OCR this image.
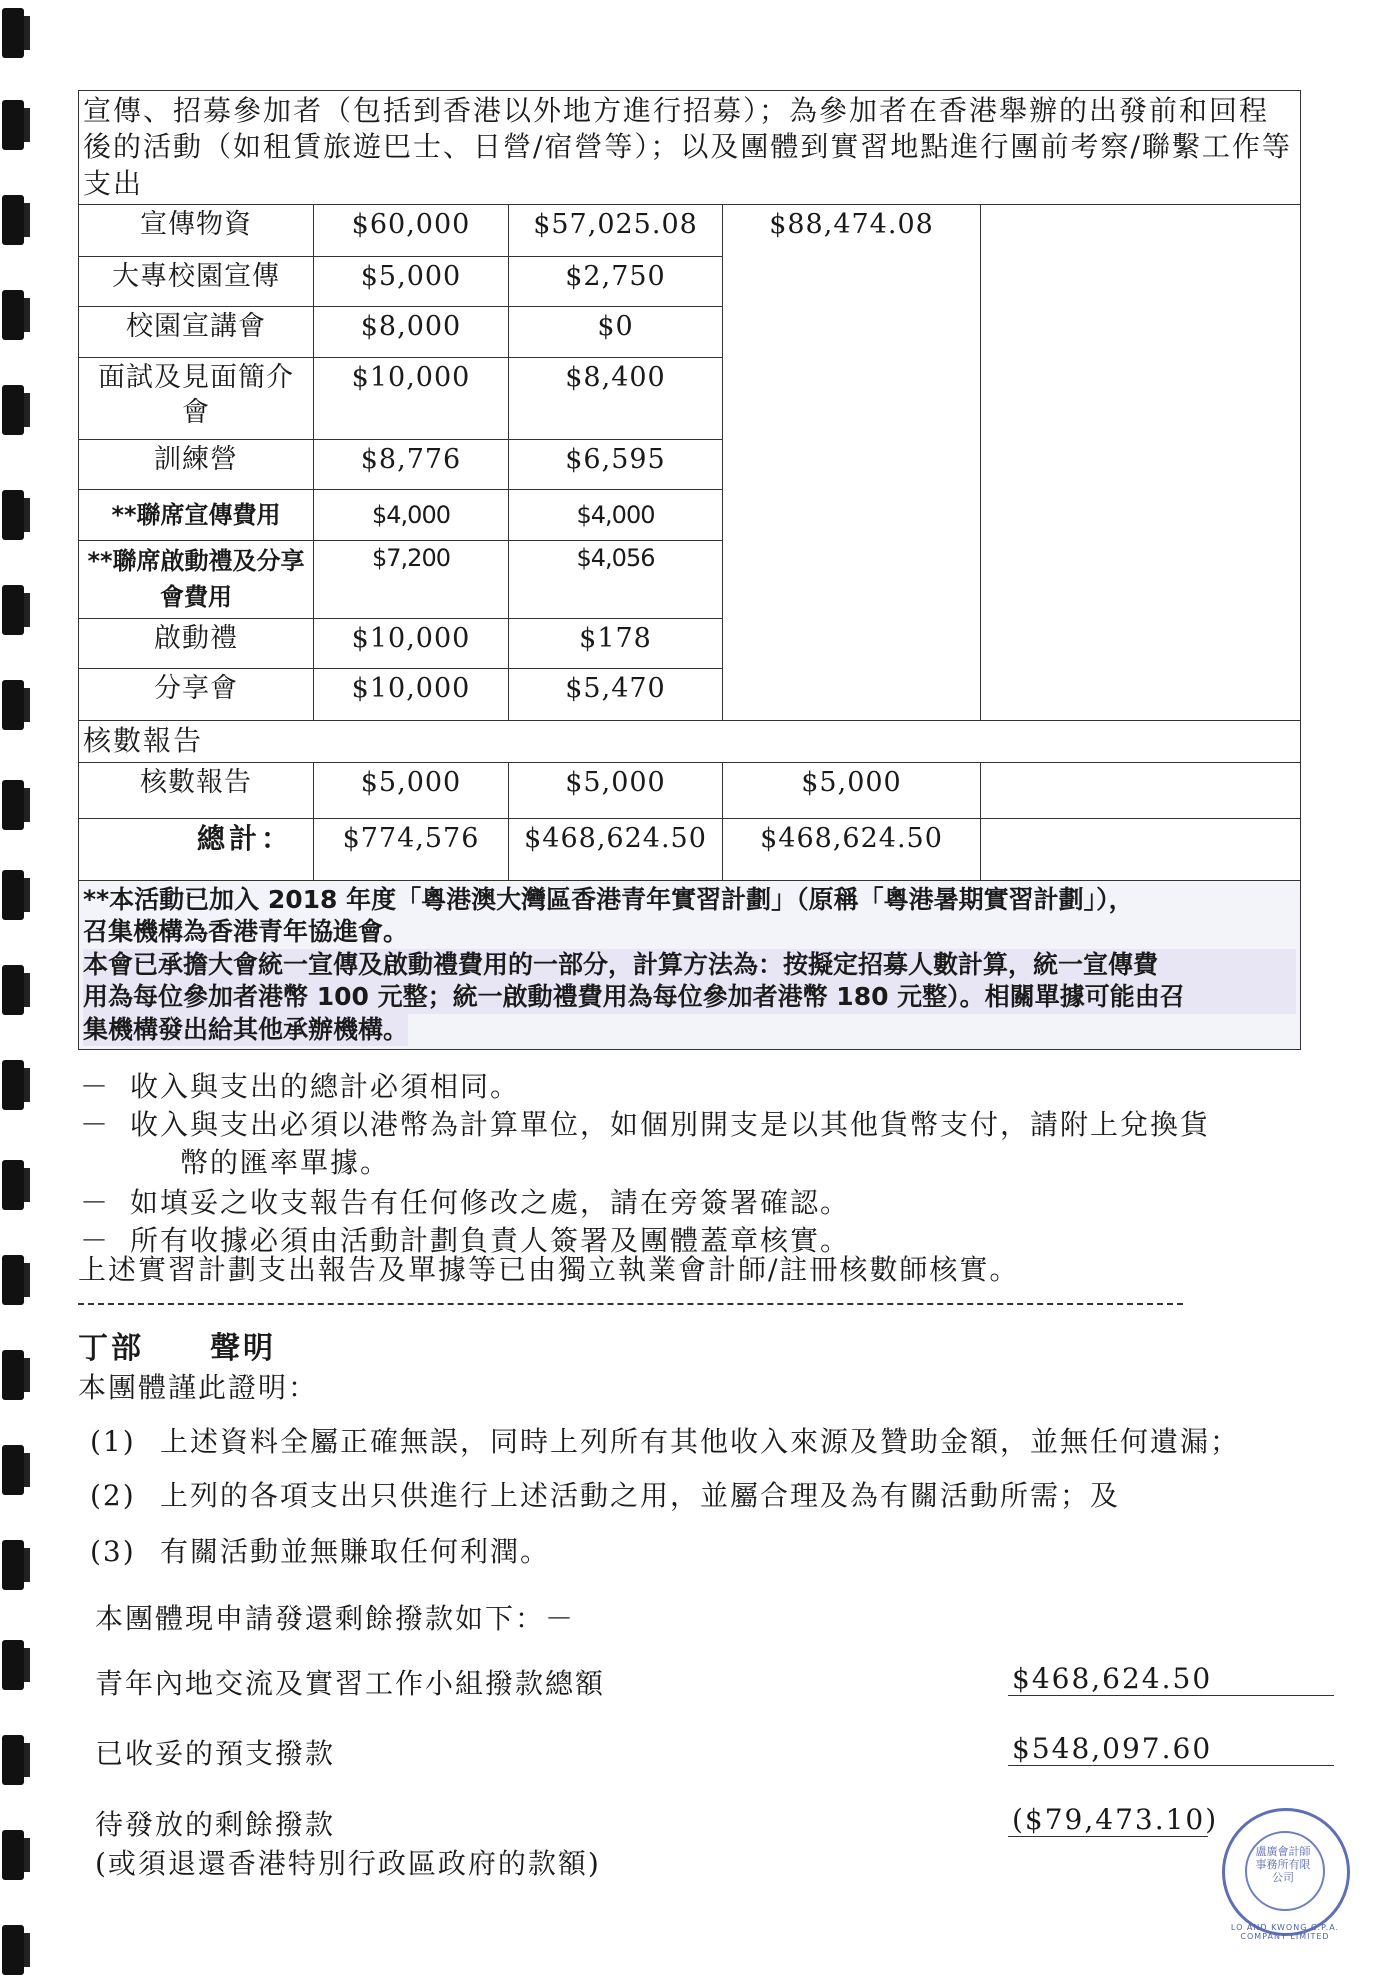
宣傳、招募參加者（包括到香港以外地方進行招募）；為參加者在香港舉辦的出發前和回程後的活動（如租賃旅遊巴士、日營/宿營等）；以及團體到實習地點進行團前考察/聯繫工作等支出				
宣傳物資	$60,000	$57,025.08	$88,474.08	
大專校園宣傳	$5,000	$2,750		
校園宣講會	$8,000	$0		
面試及見面簡介會	$10,000	$8,400		
訓練營	$8,776	$6,595		
**聯席宣傳費用	$4,000	$4,000		
**聯席啟動禮及分享會費用	$7,200	$4,056		
啟動禮	$10,000	$178		
分享會	$10,000	$5,470		
核數報告				
核數報告	$5,000	$5,000	$5,000	
總計：	$774,576	$468,624.50	$468,624.50	

**本活動已加入 2018 年度「粵港澳大灣區香港青年實習計劃」（原稱「粵港暑期實習計劃」），
召集機構為香港青年協進會。
本會已承擔大會統一宣傳及啟動禮費用的一部分，計算方法為：按擬定招募人數計算，統一宣傳費
用為每位參加者港幣 100 元整；統一啟動禮費用為每位參加者港幣 180 元整）。相關單據可能由召
集機構發出給其他承辦機構。				
－ 收入與支出的總計必須相同。
－ 收入與支出必須以港幣為計算單位，如個別開支是以其他貨幣支付，請附上兌換貨
幣的匯率單據。
－ 如填妥之收支報告有任何修改之處，請在旁簽署確認。
－ 所有收據必須由活動計劃負責人簽署及團體蓋章核實。
上述實習計劃支出報告及單據等已由獨立執業會計師/註冊核數師核實。
丁部　　聲明
本團體謹此證明：
(1) 上述資料全屬正確無誤，同時上列所有其他收入來源及贊助金額，並無任何遺漏；
(2) 上列的各項支出只供進行上述活動之用，並屬合理及為有關活動所需；及
(3) 有關活動並無賺取任何利潤。
本團體現申請發還剩餘撥款如下：－
青年內地交流及實習工作小組撥款總額	$468,624.50
已收妥的預支撥款	$548,097.60
待發放的剩餘撥款	($79,473.10)
(或須退還香港特別行政區政府的款額)
LO AND KWONG C.P.A. COMPANY LIMITED
盧廣會計師事務所有限公司
